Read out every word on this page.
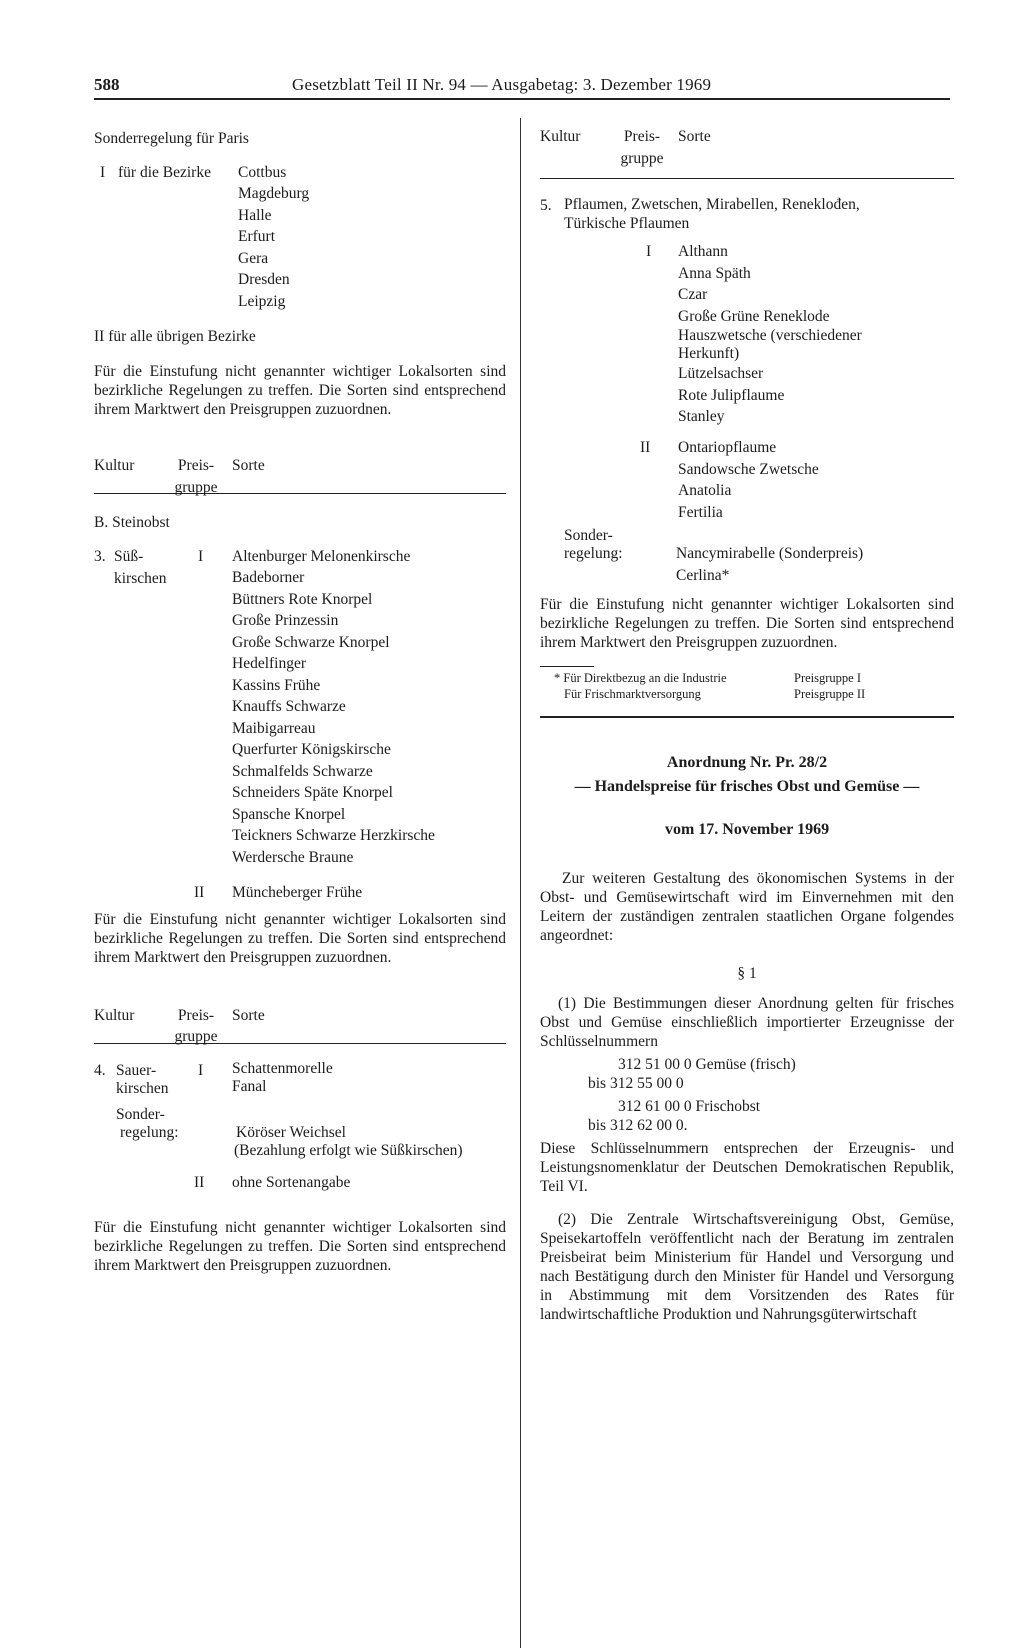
588	Gesetzblatt Teil II Nr. 94 — Ausgabetag: 3. Dezember 1969

Sonderregelung für Paris

I für die Bezirke Cottbus
Magdeburg
Halle
Erfurt
Gera
Dresden
Leipzig

II für alle übrigen Bezirke

Für die Einstufung nicht genannter wichtiger Lokalsorten sind bezirkliche Regelungen zu treffen. Die Sorten sind entsprechend ihrem Marktwert den Preisgruppen zuzuordnen.

Kultur	Preis-
gruppe
Sorte

B. Steinobst

3. Süß-
kirschen
I Altenburger Melonenkirsche
Badeborner
Büttners Rote Knorpel
Große Prinzessin
Große Schwarze Knorpel
Hedelfinger
Kassins Frühe
Knauffs Schwarze
Maibigarreau
Querfurter Königskirsche
Schmalfelds Schwarze
Schneiders Späte Knorpel
Spansche Knorpel
Teickners Schwarze Herzkirsche
Werdersche Braune
II Müncheberger Frühe

Für die Einstufung nicht genannter wichtiger Lokalsorten sind bezirkliche Regelungen zu treffen. Die Sorten sind entsprechend ihrem Marktwert den Preisgruppen zuzuordnen.

Kultur	Preis-
gruppe
Sorte
4. Sauer-
kirschen
I Schattenmorelle
Fanal
Sonder-
regelung:	Köröser Weichsel
(Bezahlung erfolgt wie Süßkirschen)
II ohne Sortenangabe

Für die Einstufung nicht genannter wichtiger Lokalsorten sind bezirkliche Regelungen zu treffen. Die Sorten sind entsprechend ihrem Marktwert den Preisgruppen zuzuordnen.

Kultur	Preis-
gruppe
Sorte
5. Pflaumen, Zwetschen, Mirabellen, Reneklođen,
Türkische Pflaumen
I Althann
Anna Späth
Czar
Große Grüne Reneklode
Hauszwetsche (verschiedener
Herkunft)
Lützelsachser
Rote Julipflaume
Stanley
II Ontariopflaume
Sandowsche Zwetsche
Anatolia
Fertilia
Sonder-
regelung:	Nancymirabelle (Sonderpreis)
Cerlina*

Für die Einstufung nicht genannter wichtiger Lokalsorten sind bezirkliche Regelungen zu treffen. Die Sorten sind entsprechend ihrem Marktwert den Preisgruppen zuzuordnen.

* Für Direktbezug an die Industrie	Preisgruppe I
Für Frischmarktversorgung	Preisgruppe II

Anordnung Nr. Pr. 28/2

— Handelspreise für frisches Obst und Gemüse —

vom 17. November 1969

Zur weiteren Gestaltung des ökonomischen Systems in der Obst- und Gemüsewirtschaft wird im Einvernehmen mit den Leitern der zuständigen zentralen staatlichen Organe folgendes angeordnet:

§ 1

(1) Die Bestimmungen dieser Anordnung gelten für frisches Obst und Gemüse einschließlich importierter Erzeugnisse der Schlüsselnummern

312 51 00 0 Gemüse (frisch)
bis 312 55 00 0
312 61 00 0 Frischobst
bis 312 62 00 0.

Diese Schlüsselnummern entsprechen der Erzeugnis- und Leistungsnomenklatur der Deutschen Demokratischen Republik, Teil VI.

(2) Die Zentrale Wirtschaftsvereinigung Obst, Gemüse, Speisekartoffeln veröffentlicht nach der Beratung im zentralen Preisbeirat beim Ministerium für Handel und Versorgung und nach Bestätigung durch den Minister für Handel und Versorgung in Abstimmung mit dem Vorsitzenden des Rates für landwirtschaftliche Produktion und Nahrungsgüterwirtschaft
